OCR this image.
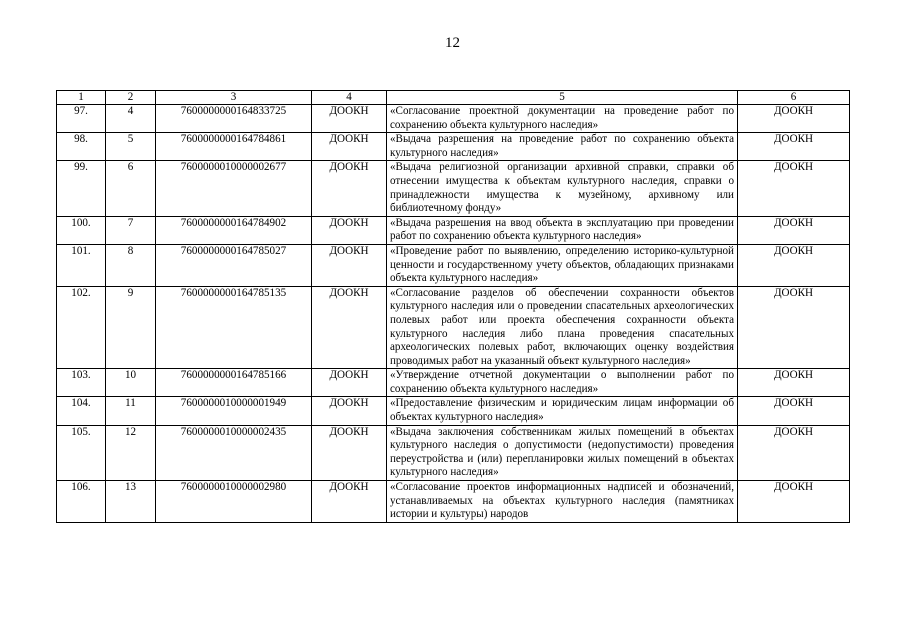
12
1	2	3	4	5	6
97.	4	7600000000164833725	ДООКН	«Согласование проектной документации на проведение работ по сохранению объекта культурного наследия»	ДООКН
98.	5	7600000000164784861	ДООКН	«Выдача разрешения на проведение работ по сохранению объекта культурного наследия»	ДООКН
99.	6	7600000010000002677	ДООКН	«Выдача религиозной организации архивной справки, справки об отнесении имущества к объектам культурного наследия, справки о принадлежности имущества к музейному, архивному или библиотечному фонду»	ДООКН
100.	7	7600000000164784902	ДООКН	«Выдача разрешения на ввод объекта в эксплуатацию при проведении работ по сохранению объекта культурного наследия»	ДООКН
101.	8	7600000000164785027	ДООКН	«Проведение работ по выявлению, определению историко-культурной ценности и государственному учету объектов, обладающих признаками объекта культурного наследия»	ДООКН
102.	9	7600000000164785135	ДООКН	«Согласование разделов об обеспечении сохранности объектов культурного наследия или о проведении спасательных археологических полевых работ или проекта обеспечения сохранности объекта культурного наследия либо плана проведения спасательных археологических полевых работ, включающих оценку воздействия проводимых работ на указанный объект культурного наследия»	ДООКН
103.	10	7600000000164785166	ДООКН	«Утверждение отчетной документации о выполнении работ по сохранению объекта культурного наследия»	ДООКН
104.	11	7600000010000001949	ДООКН	«Предоставление физическим и юридическим лицам информации об объектах культурного наследия»	ДООКН
105.	12	7600000010000002435	ДООКН	«Выдача заключения собственникам жилых помещений в объектах культурного наследия о допустимости (недопустимости) проведения переустройства и (или) перепланировки жилых помещений в объектах культурного наследия»	ДООКН
106.	13	7600000010000002980	ДООКН	«Согласование проектов информационных надписей и обозначений, устанавливаемых на объектах культурного наследия (памятниках истории и культуры) народов	ДООКН
